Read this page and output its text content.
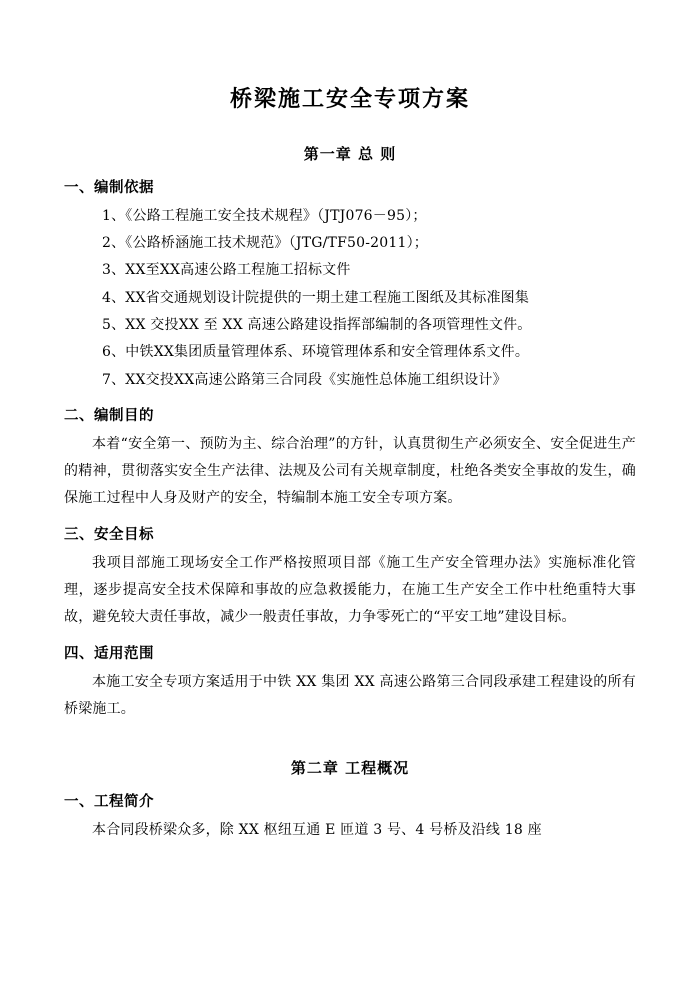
桥梁施工安全专项方案
第一章 总 则
一、编制依据

1、《公路工程施工安全技术规程》（JTJ076－95）；

2、《公路桥涵施工技术规范》（JTG/TF50-2011）；

3、XX至XX高速公路工程施工招标文件

4、XX省交通规划设计院提供的一期土建工程施工图纸及其标准图集

5、XX 交投XX 至 XX 高速公路建设指挥部编制的各项管理性文件。

6、中铁XX集团质量管理体系、环境管理体系和安全管理体系文件。

7、XX交投XX高速公路第三合同段《实施性总体施工组织设计》

二、编制目的

本着“安全第一、预防为主、综合治理”的方针，认真贯彻生产必须安全、安全促进生产的精神，贯彻落实安全生产法律、法规及公司有关规章制度，杜绝各类安全事故的发生，确保施工过程中人身及财产的安全，特编制本施工安全专项方案。

三、安全目标

我项目部施工现场安全工作严格按照项目部《施工生产安全管理办法》实施标准化管理，逐步提高安全技术保障和事故的应急救援能力，在施工生产安全工作中杜绝重特大事故，避免较大责任事故，减少一般责任事故，力争零死亡的“平安工地”建设目标。

四、适用范围

本施工安全专项方案适用于中铁 XX 集团 XX 高速公路第三合同段承建工程建设的所有桥梁施工。

第二章 工程概况
一、工程简介

本合同段桥梁众多，除 XX 枢纽互通 E 匝道 3 号、4 号桥及沿线 18 座
